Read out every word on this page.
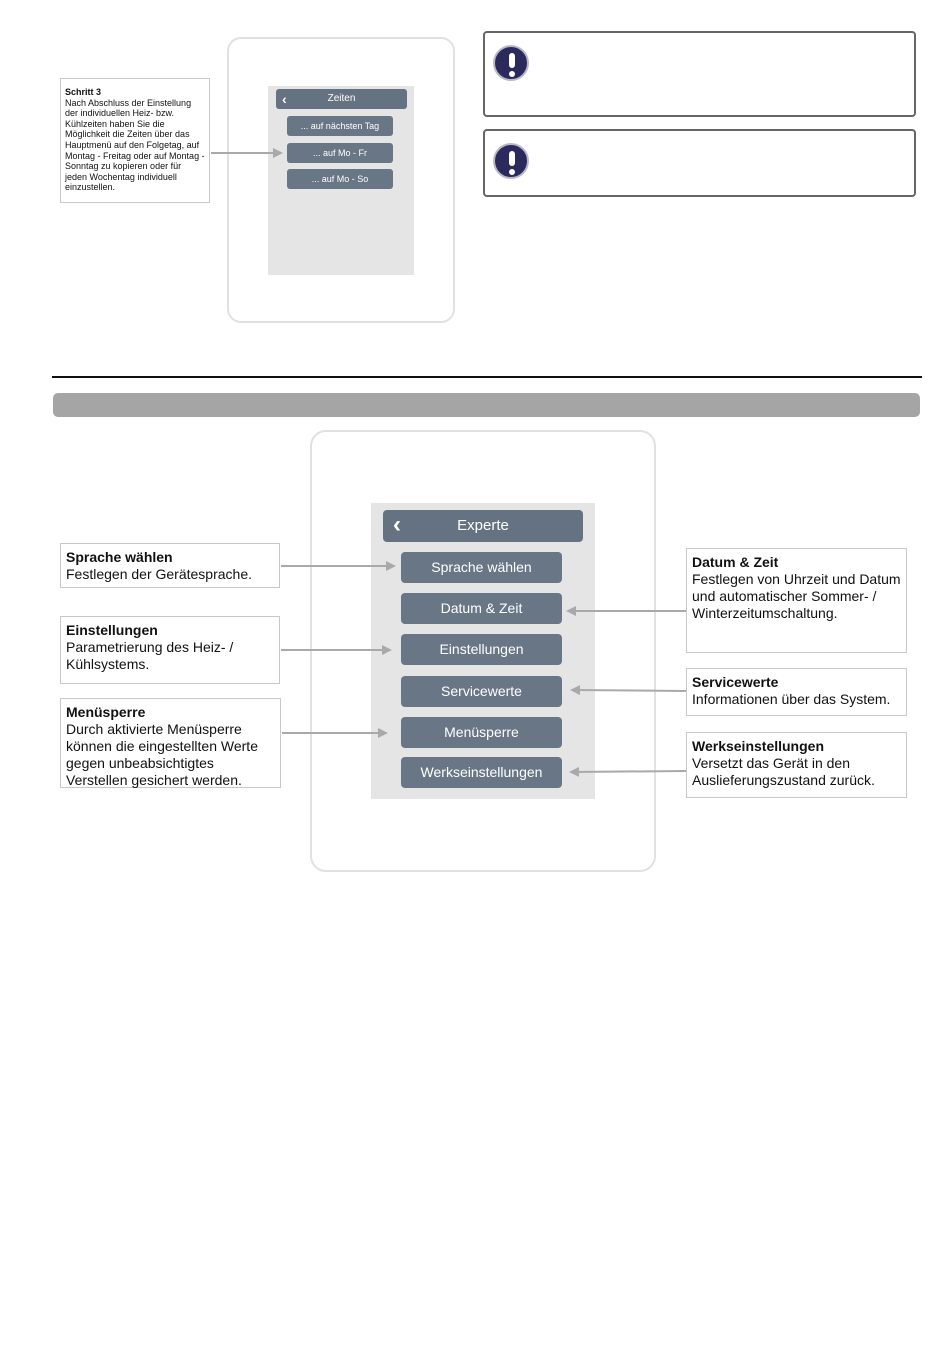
Schritt 3
Nach Abschluss der Einstellung der individuellen Heiz- bzw. Kühlzeiten haben Sie die Möglichkeit die Zeiten über das Hauptmenü auf den Folgetag, auf Montag - Freitag oder auf Montag - Sonntag zu kopieren oder für jeden Wochentag individuell einzustellen.
‹	Zeiten
... auf nächsten Tag
... auf Mo - Fr
... auf Mo - So
‹	Experte
Sprache wählen
Datum & Zeit
Einstellungen
Servicewerte
Menüsperre
Werkseinstellungen
Sprache wählen
Festlegen der Gerätesprache.
Einstellungen
Parametrierung des Heiz- / Kühlsystems.
Menüsperre
Durch aktivierte Menüsperre können die eingestellten Werte gegen unbeabsichtigtes Verstellen gesichert werden.
Datum & Zeit
Festlegen von Uhrzeit und Datum und automatischer Sommer- / Winterzeitumschaltung.
Servicewerte
Informationen über das System.
Werkseinstellungen
Versetzt das Gerät in den Auslieferungszustand zurück.
